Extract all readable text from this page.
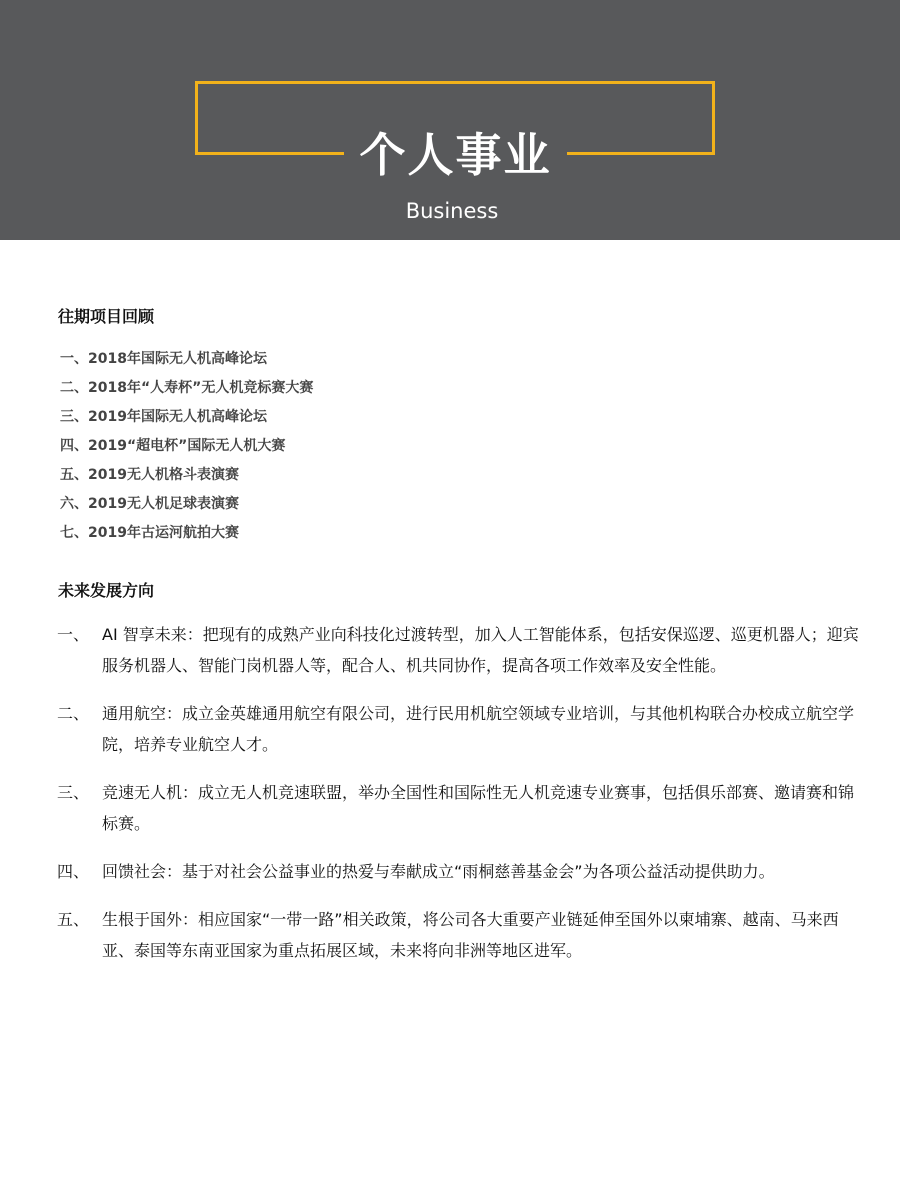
个人事业
Business
往期项目回顾
一、2018年国际无人机高峰论坛
二、2018年“人寿杯”无人机竞标赛大赛
三、2019年国际无人机高峰论坛
四、2019“超电杯”国际无人机大赛
五、2019无人机格斗表演赛
六、2019无人机足球表演赛
七、2019年古运河航拍大赛
未来发展方向
一、 AI 智享未来：把现有的成熟产业向科技化过渡转型，加入人工智能体系，包括安保巡逻、巡更机器人；迎宾服务机器人、智能门岗机器人等，配合人、机共同协作，提高各项工作效率及安全性能。
二、 通用航空：成立金英雄通用航空有限公司，进行民用机航空领域专业培训，与其他机构联合办校成立航空学院，培养专业航空人才。
三、 竞速无人机：成立无人机竞速联盟，举办全国性和国际性无人机竞速专业赛事，包括俱乐部赛、邀请赛和锦标赛。
四、 回馈社会：基于对社会公益事业的热爱与奉献成立“雨桐慈善基金会”为各项公益活动提供助力。
五、 生根于国外：相应国家“一带一路”相关政策，将公司各大重要产业链延伸至国外以柬埔寨、越南、马来西亚、泰国等东南亚国家为重点拓展区域，未来将向非洲等地区进军。
